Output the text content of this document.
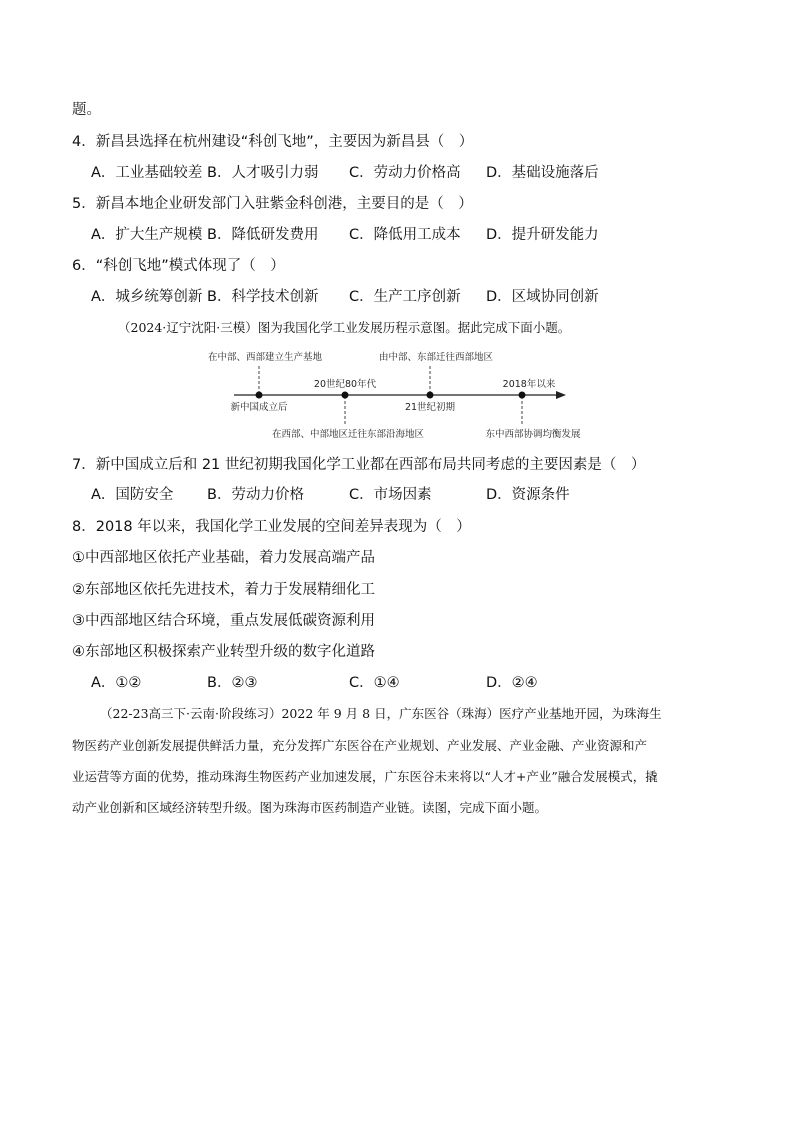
题。
4．新昌县选择在杭州建设“科创飞地”，主要因为新昌县（　）
A．工业基础较差 B．人才吸引力弱 C．劳动力价格高 D．基础设施落后
5．新昌本地企业研发部门入驻紫金科创港，主要目的是（　）
A．扩大生产规模 B．降低研发费用 C．降低用工成本 D．提升研发能力
6．“科创飞地”模式体现了（　）
A．城乡统筹创新 B．科学技术创新 C．生产工序创新 D．区域协同创新
（2024·辽宁沈阳·三模）图为我国化学工业发展历程示意图。据此完成下面小题。
新中国成立后
20世纪80年代
21世纪初期
2018年以来
在中部、西部建立生产基地
在西部、中部地区迁往东部沿海地区
由中部、东部迁往西部地区
东中西部协调均衡发展
7．新中国成立后和 21 世纪初期我国化学工业都在西部布局共同考虑的主要因素是（　）
A．国防安全 B．劳动力价格	C．市场因素	D．资源条件
8．2018 年以来，我国化学工业发展的空间差异表现为（　）
①中西部地区依托产业基础，着力发展高端产品
②东部地区依托先进技术，着力于发展精细化工
③中西部地区结合环境，重点发展低碳资源利用
④东部地区积极探索产业转型升级的数字化道路
A．①②	B．②③	C．①④	D．②④
（22-23高三下·云南·阶段练习）2022 年 9 月 8 日，广东医谷（珠海）医疗产业基地开园，为珠海生
物医药产业创新发展提供鲜活力量，充分发挥广东医谷在产业规划、产业发展、产业金融、产业资源和产
业运营等方面的优势，推动珠海生物医药产业加速发展，广东医谷未来将以“人才+产业”融合发展模式，撬
动产业创新和区域经济转型升级。图为珠海市医药制造产业链。读图，完成下面小题。
